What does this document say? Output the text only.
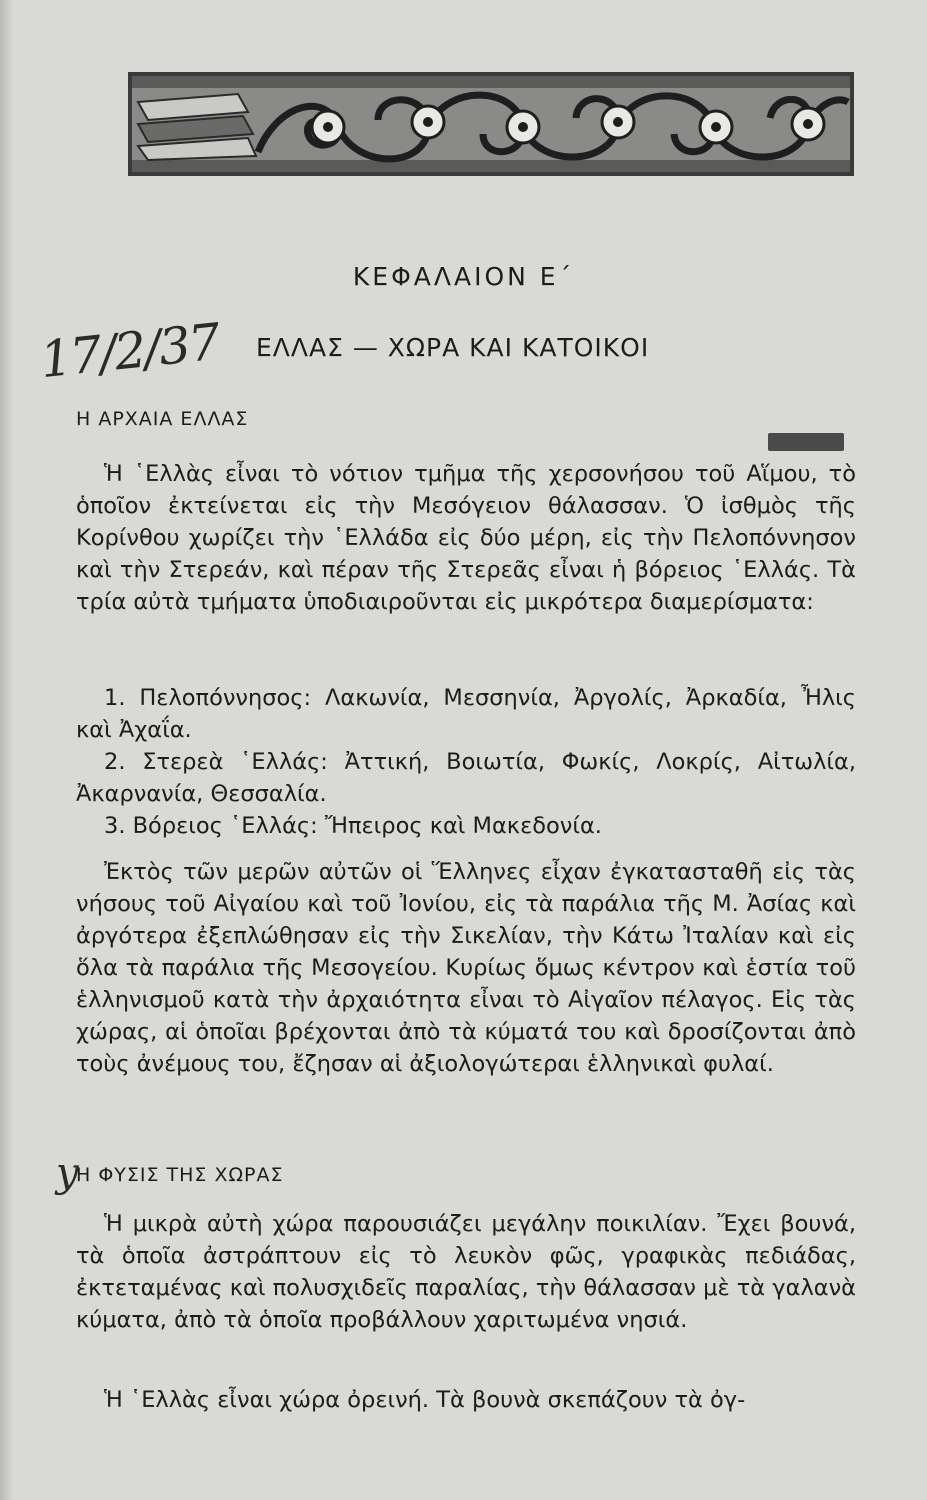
ΚΕΦΑΛΑΙΟΝ Ε΄
17/2/37 ΕΛΛΑΣ — ΧΩΡΑ ΚΑΙ ΚΑΤΟΙΚΟΙ
Η ΑΡΧΑΙΑ ΕΛΛΑΣ

Ἡ ῾Ελλὰς εἶναι τὸ νότιον τμῆμα τῆς χερσονήσου τοῦ Αἵμου, τὸ ὁποῖον ἐκτείνεται εἰς τὴν Μεσόγειον θάλασσαν. Ὁ ἰσθμὸς τῆς Κορίνθου χωρίζει τὴν ῾Ελλάδα εἰς δύο μέρη, εἰς τὴν Πελοπόννησον καὶ τὴν Στερεάν, καὶ πέραν τῆς Στερεᾶς εἶναι ἡ βόρειος ῾Ελλάς. Τὰ τρία αὐτὰ τμήματα ὑποδιαιροῦνται εἰς μικρότερα διαμερίσματα:

1. Πελοπόννησος: Λακωνία, Μεσσηνία, Ἀργολίς, Ἀρκαδία, Ἦλις καὶ Ἀχαΐα.

2. Στερεὰ ῾Ελλάς: Ἀττική, Βοιωτία, Φωκίς, Λοκρίς, Αἰτωλία, Ἀκαρνανία, Θεσσαλία.

3. Βόρειος ῾Ελλάς: Ἤπειρος καὶ Μακεδονία.

Ἐκτὸς τῶν μερῶν αὐτῶν οἱ Ἕλληνες εἶχαν ἐγκατασταθῆ εἰς τὰς νήσους τοῦ Αἰγαίου καὶ τοῦ Ἰονίου, εἰς τὰ παράλια τῆς Μ. Ἀσίας καὶ ἀργότερα ἐξεπλώθησαν εἰς τὴν Σικελίαν, τὴν Κάτω Ἰταλίαν καὶ εἰς ὅλα τὰ παράλια τῆς Μεσογείου. Κυρίως ὅμως κέντρον καὶ ἑστία τοῦ ἑλληνισμοῦ κατὰ τὴν ἀρχαιότητα εἶναι τὸ Αἰγαῖον πέλαγος. Εἰς τὰς χώρας, αἱ ὁποῖαι βρέχονται ἀπὸ τὰ κύματά του καὶ δροσίζονται ἀπὸ τοὺς ἀνέμους του, ἔζησαν αἱ ἀξιολογώτεραι ἑλληνικαὶ φυλαί.

y
Η ΦΥΣΙΣ ΤΗΣ ΧΩΡΑΣ

Ἡ μικρὰ αὐτὴ χώρα παρουσιάζει μεγάλην ποικιλίαν. Ἔχει βουνά, τὰ ὁποῖα ἀστράπτουν εἰς τὸ λευκὸν φῶς, γραφικὰς πεδιάδας, ἐκτεταμένας καὶ πολυσχιδεῖς παραλίας, τὴν θάλασσαν μὲ τὰ γαλανὰ κύματα, ἀπὸ τὰ ὁποῖα προβάλλουν χαριτωμένα νησιά.

Ἡ ῾Ελλὰς εἶναι χώρα ὀρεινή. Τὰ βουνὰ σκεπάζουν τὰ ὀγ-
